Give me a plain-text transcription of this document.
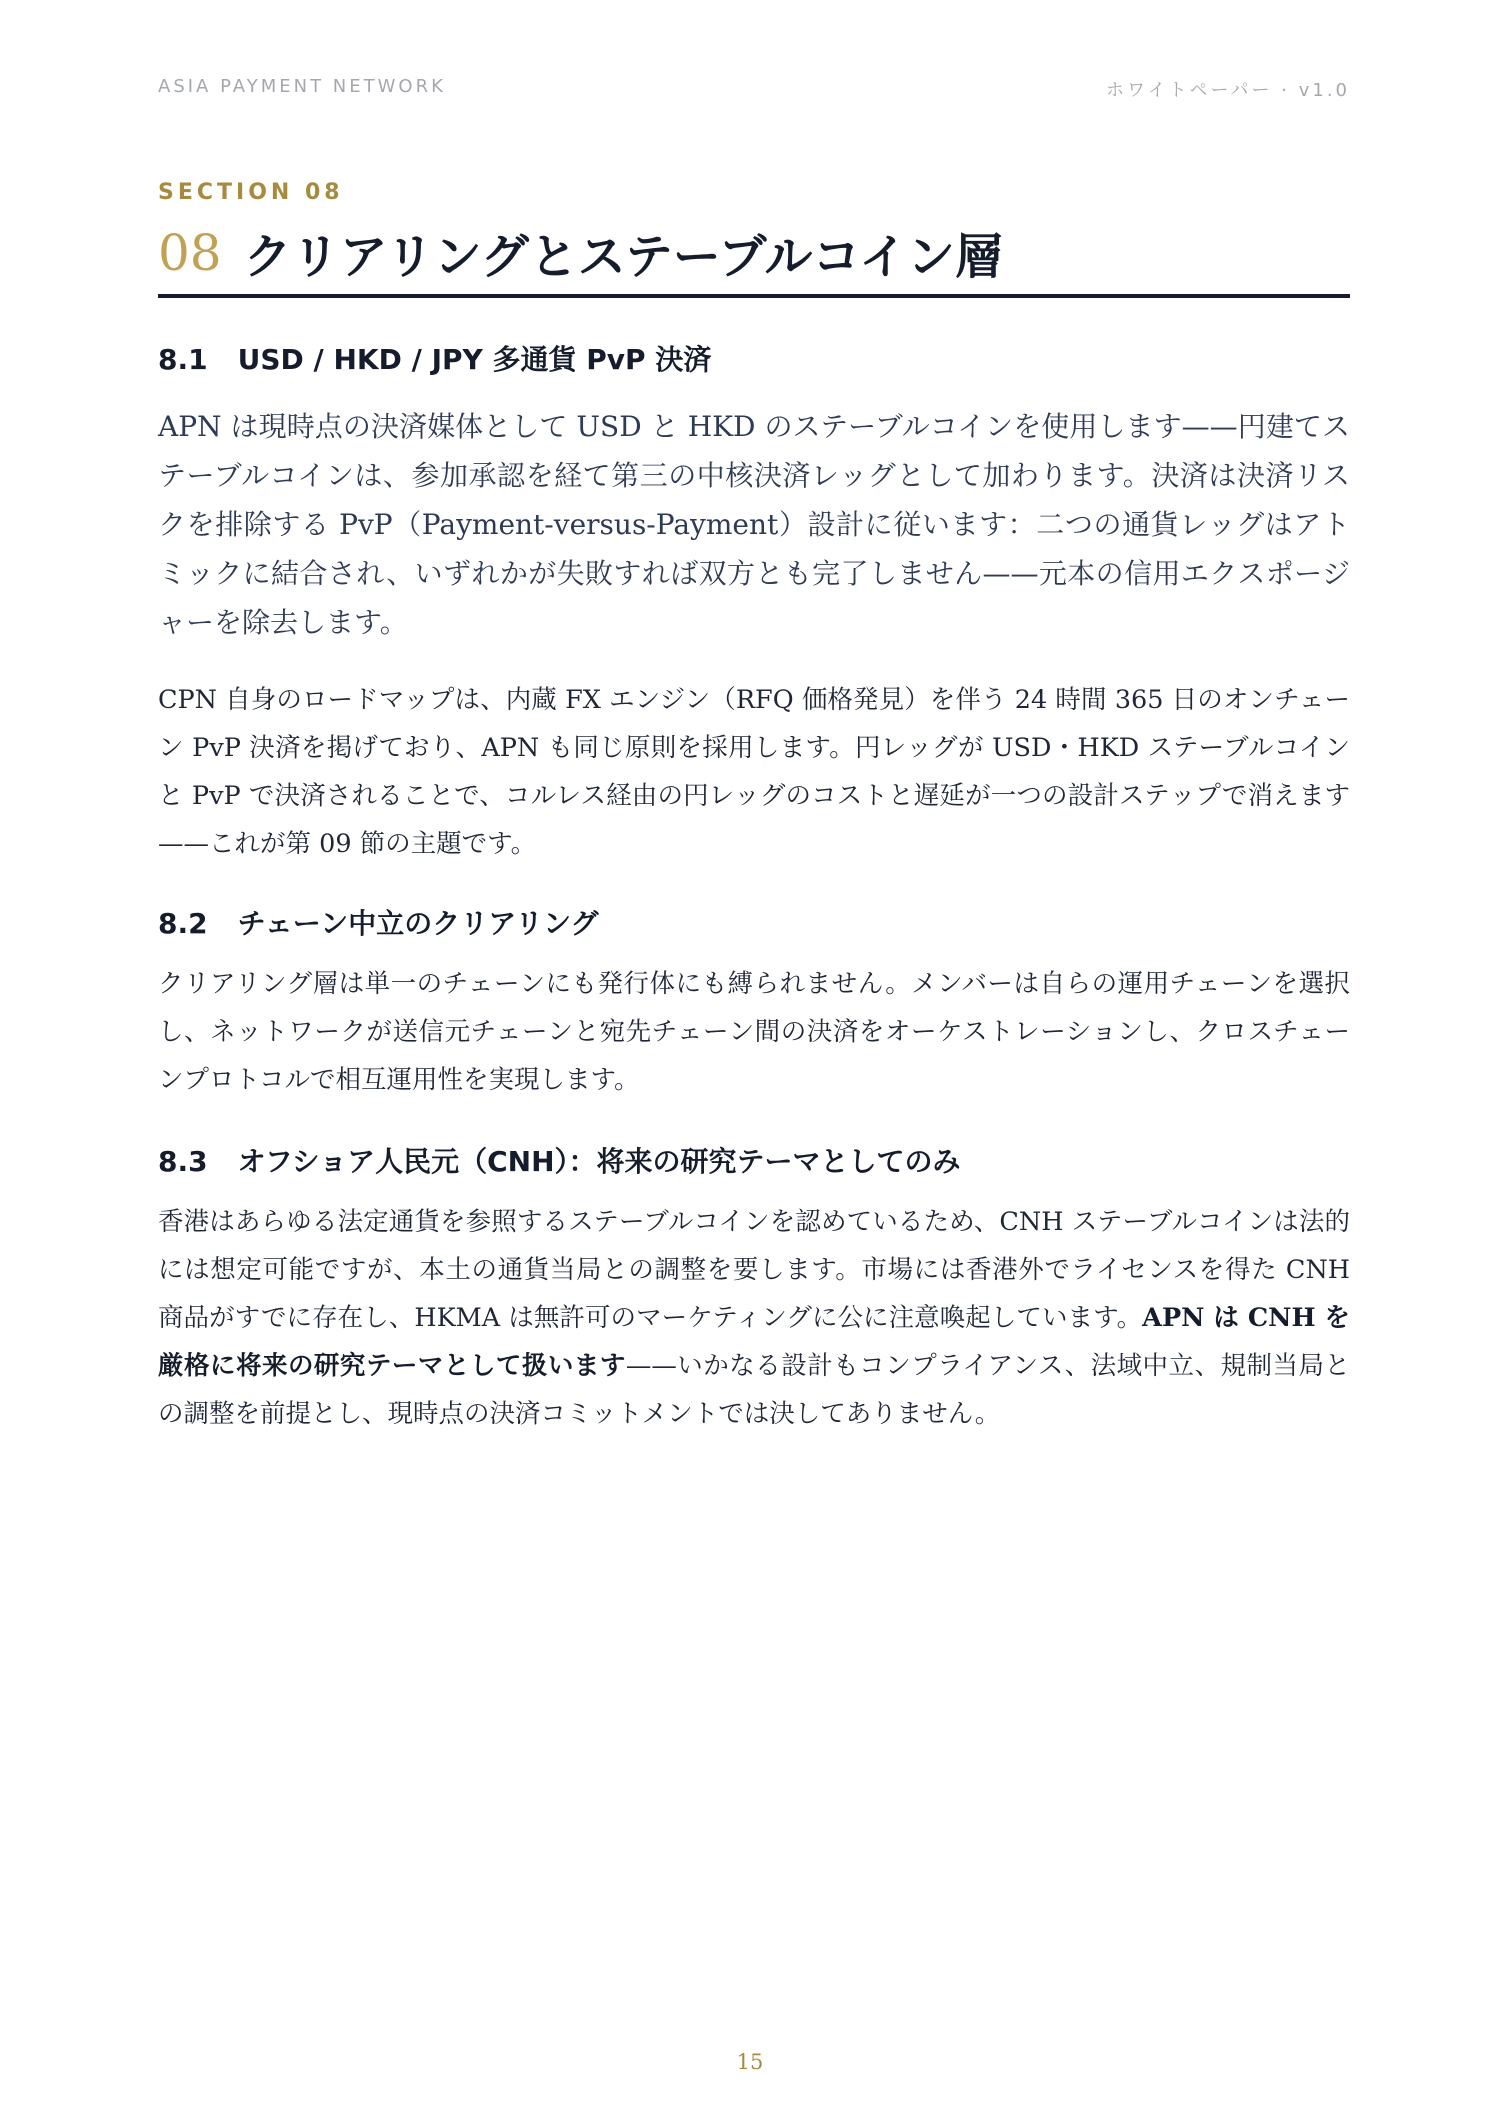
ASIA PAYMENT NETWORK	ホワイトペーパー · v1.0
SECTION 08
08 クリアリングとステーブルコイン層
8.1 USD / HKD / JPY 多通貨 PvP 決済
APN は現時点の決済媒体として USD と HKD のステーブルコインを使用します——円建てステーブルコインは、参加承認を経て第三の中核決済レッグとして加わります。決済は決済リスクを排除する PvP（Payment-versus-Payment）設計に従います：二つの通貨レッグはアトミックに結合され、いずれかが失敗すれば双方とも完了しません——元本の信用エクスポージャーを除去します。
CPN 自身のロードマップは、内蔵 FX エンジン（RFQ 価格発見）を伴う 24 時間 365 日のオンチェーン PvP 決済を掲げており、APN も同じ原則を採用します。円レッグが USD・HKD ステーブルコインと PvP で決済されることで、コルレス経由の円レッグのコストと遅延が一つの設計ステップで消えます——これが第 09 節の主題です。
8.2 チェーン中立のクリアリング
クリアリング層は単一のチェーンにも発行体にも縛られません。メンバーは自らの運用チェーンを選択し、ネットワークが送信元チェーンと宛先チェーン間の決済をオーケストレーションし、クロスチェーンプロトコルで相互運用性を実現します。
8.3 オフショア人民元（CNH）：将来の研究テーマとしてのみ
香港はあらゆる法定通貨を参照するステーブルコインを認めているため、CNH ステーブルコインは法的には想定可能ですが、本土の通貨当局との調整を要します。市場には香港外でライセンスを得た CNH 商品がすでに存在し、HKMA は無許可のマーケティングに公に注意喚起しています。APN は CNH を厳格に将来の研究テーマとして扱います——いかなる設計もコンプライアンス、法域中立、規制当局との調整を前提とし、現時点の決済コミットメントでは決してありません。
15
